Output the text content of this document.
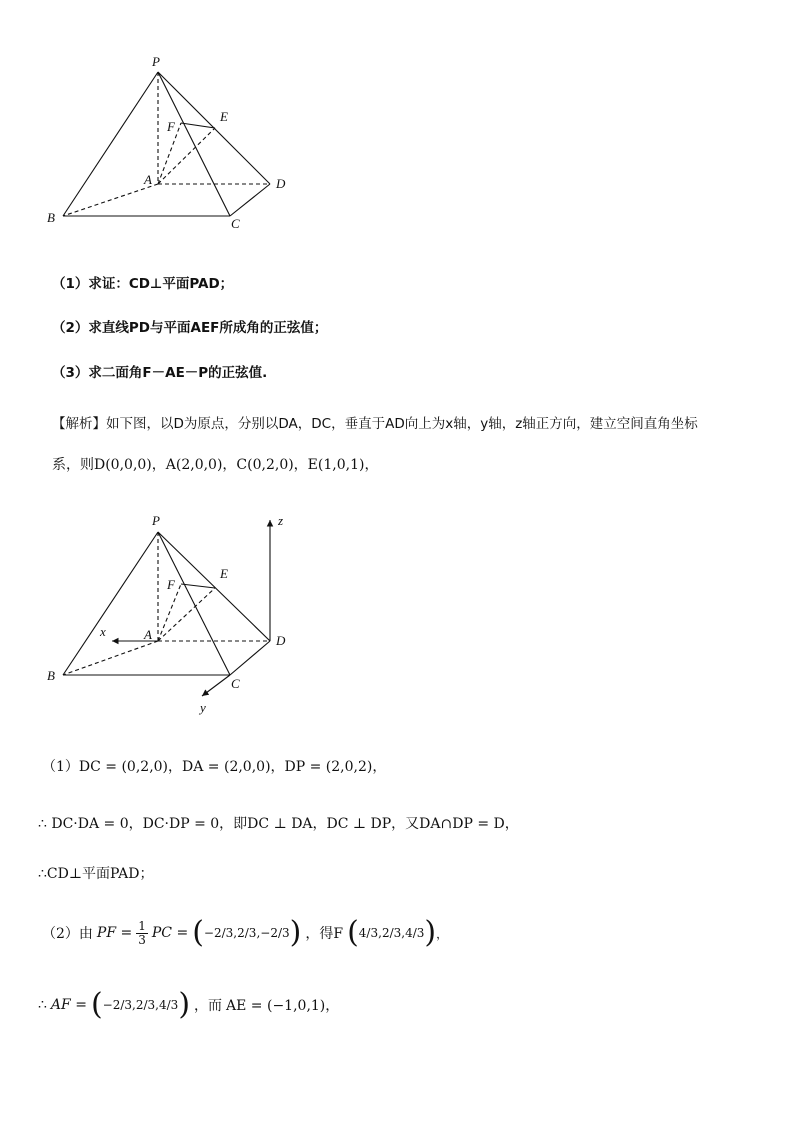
P
E
F
A	D
B	C
（1）求证：CD⊥平面PAD；
（2）求直线PD与平面AEF所成角的正弦值；
（3）求二面角F－AE－P的正弦值.
【解析】如下图，以D为原点，分别以DA，DC，垂直于AD向上为x轴，y轴，z轴正方向，建立空间直角坐标
系，则D(0,0,0)，A(2,0,0)，C(0,2,0)，E(1,0,1)，
P
E
F
A	D
B
C
x
y
z
（1）DC = (0,2,0)，DA = (2,0,0)，DP = (2,0,2)，
∴ DC·DA = 0，DC·DP = 0，即DC ⊥ DA，DC ⊥ DP，又DA∩DP = D，
∴CD⊥平面PAD；
（2）由 PF = $\frac{1}{3}$ PC = ( −2/3 , 2/3 , −2/3 ) ，得F ( 4/3 , 2/3 , 4/3 ) ，
∴ AF = ( −2/3 , 2/3 , 4/3 ) ，而 AE = (−1,0,1)，
